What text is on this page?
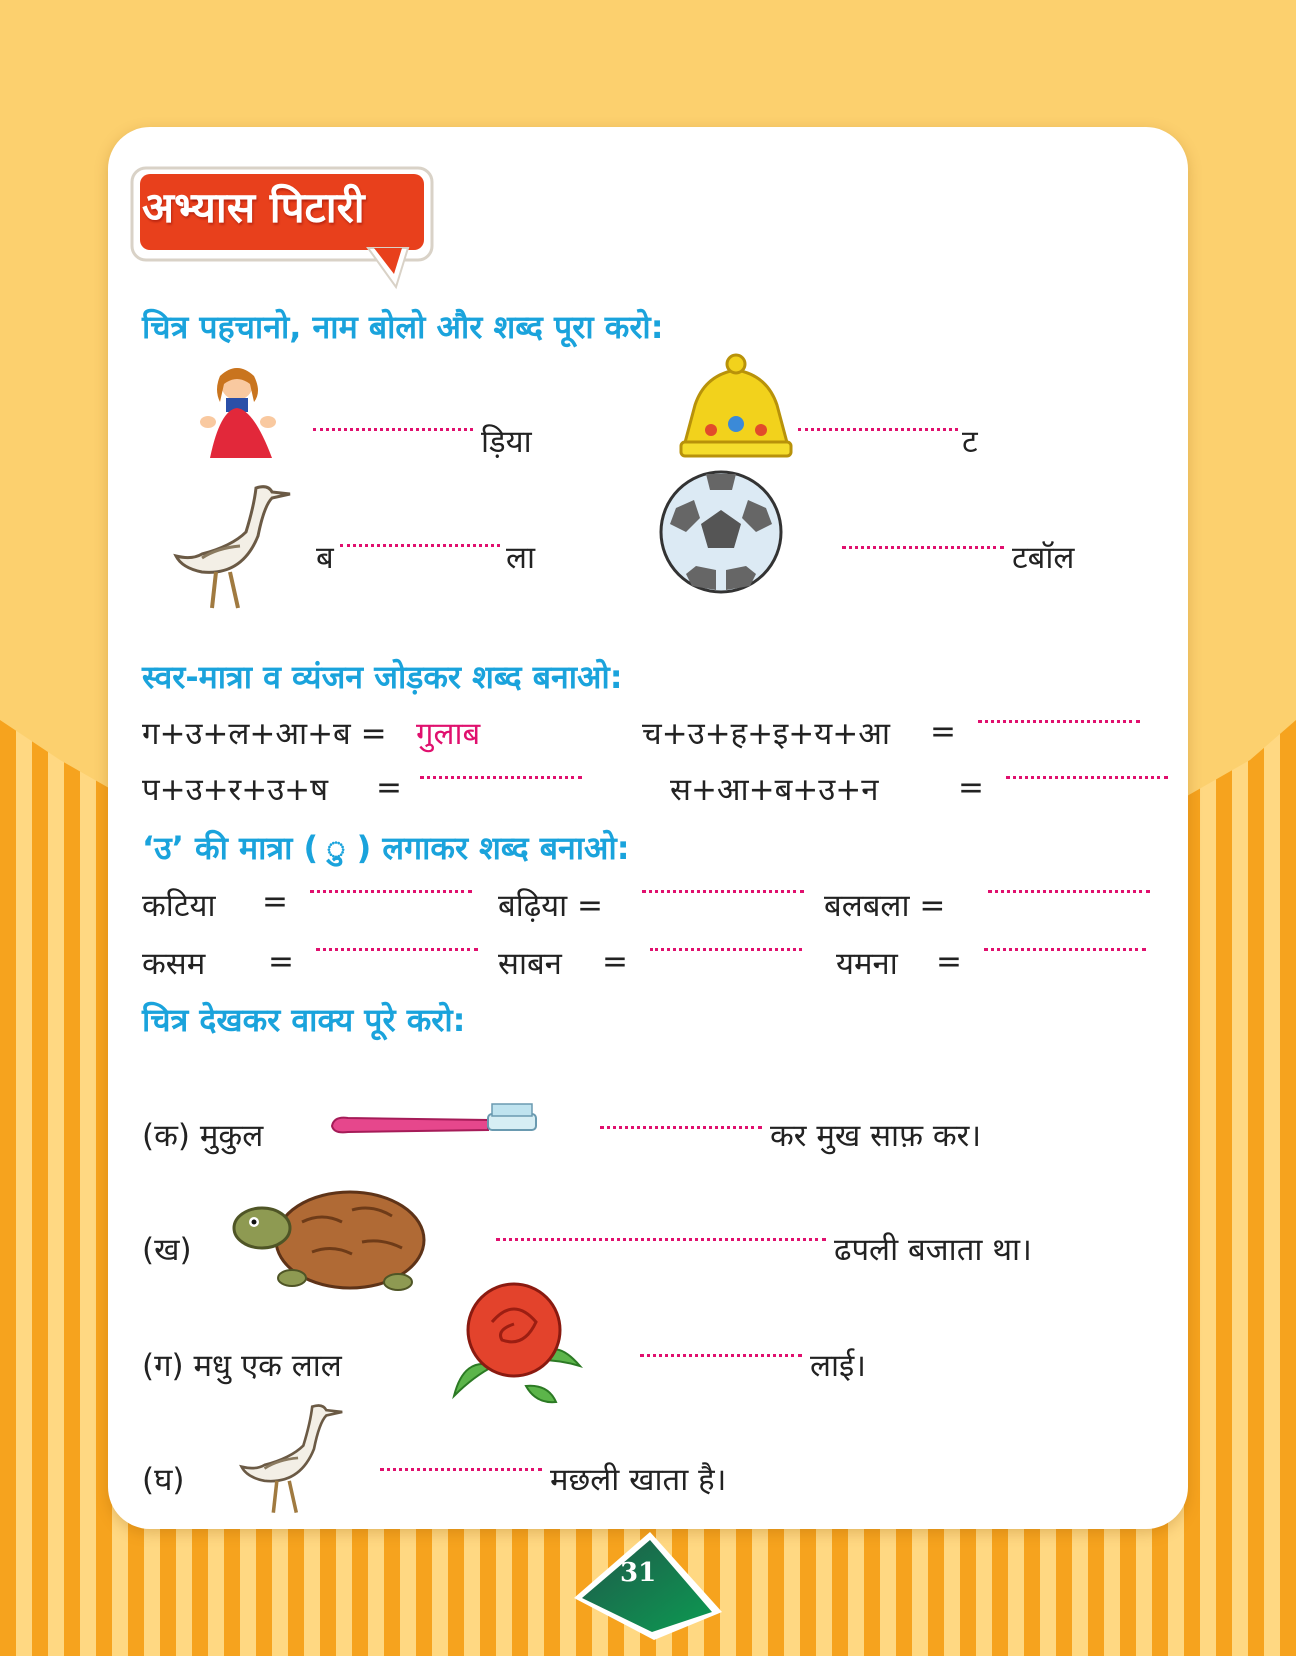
अभ्यास पिटारी
चित्र पहचानो, नाम बोलो और शब्द पूरा करो:
ड़िया	ट
ब	ला	टबॉल
स्वर-मात्रा व व्यंजन जोड़कर शब्द बनाओ:
ग+उ+ल+आ+ब = गुलाब	च+उ+ह+इ+य+आ =
प+उ+र+उ+ष =	स+आ+ब+उ+न	=
‘उ’ की मात्रा ( ु ) लगाकर शब्द बनाओ:
कटिया =	बढ़िया =	बलबला =
कसम =	साबन =	यमना =
चित्र देखकर वाक्य पूरे करो:
(क) मुकुल	कर मुख साफ़ कर।
(ख)	ढपली बजाता था।
(ग) मधु एक लाल	लाई।
(घ)	मछली खाता है।
31
